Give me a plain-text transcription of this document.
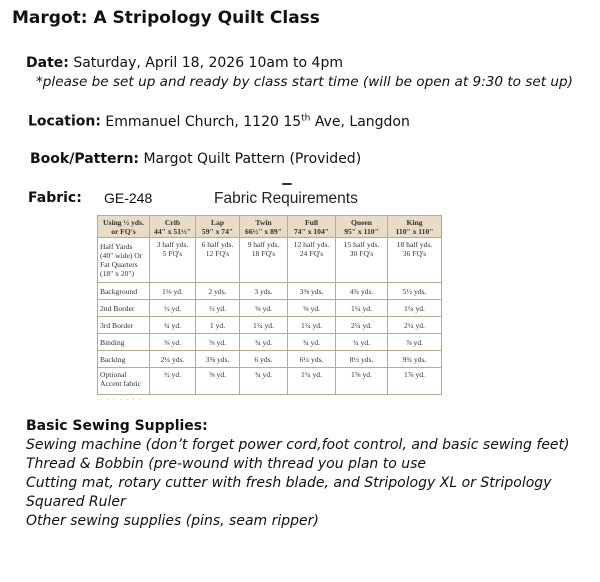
Margot: A Stripology Quilt Class
Date: Saturday, April 18, 2026 10am to 4pm
*please be set up and ready by class start time (will be open at 9:30 to set up)
Location: Emmanuel Church, 1120 15th Ave, Langdon
Book/Pattern: Margot Quilt Pattern (Provided)
Fabric: GE-248	Fabric Requirements
Using ½ yds.
or FQ's	Crib
44" x 51½"	Lap
59" x 74"	Twin
66½" x 89"	Full
74" x 104"	Queen
95" x 110"	King
110" x 110"
Half Yards
(40" wide) Or
Fat Quarters
(18" x 20")	3 half yds.
5 FQ's	6 half yds.
12 FQ's	9 half yds.
18 FQ's	12 half yds.
24 FQ's	15 half yds.
30 FQ's	18 half yds.
36 FQ's
Background	1⅛ yd.	2 yds.	3 yds.	3⅜ yds.	4¾ yds.	5½ yds.
2nd Border	½ yd.	½ yd.	⅝ yd.	⅝ yd.	1¼ yd.	1¼ yd.
3rd Border	¾ yd.	1 yd.	1¼ yd.	1¼ yd.	2¼ yd.	2¼ yd.
Binding	⅜ yd.	⅝ yd.	¾ yd.	¾ yd.	¾ yd.	⅞ yd.
Backing	2¼ yds.	3⅝ yds.	6 yds.	6¼ yds.	8½ yds.	9¾ yds.
Optional
Accent fabric	½ yd.	⅝ yd.	¾ yd.	1¼ yd.	1⅝ yd.	1⅞ yd.
· · · · · · ·
Basic Sewing Supplies:
Sewing machine (don’t forget power cord,foot control, and basic sewing feet)
Thread & Bobbin (pre-wound with thread you plan to use
Cutting mat, rotary cutter with fresh blade, and Stripology XL or Stripology
Squared Ruler
Other sewing supplies (pins, seam ripper)
